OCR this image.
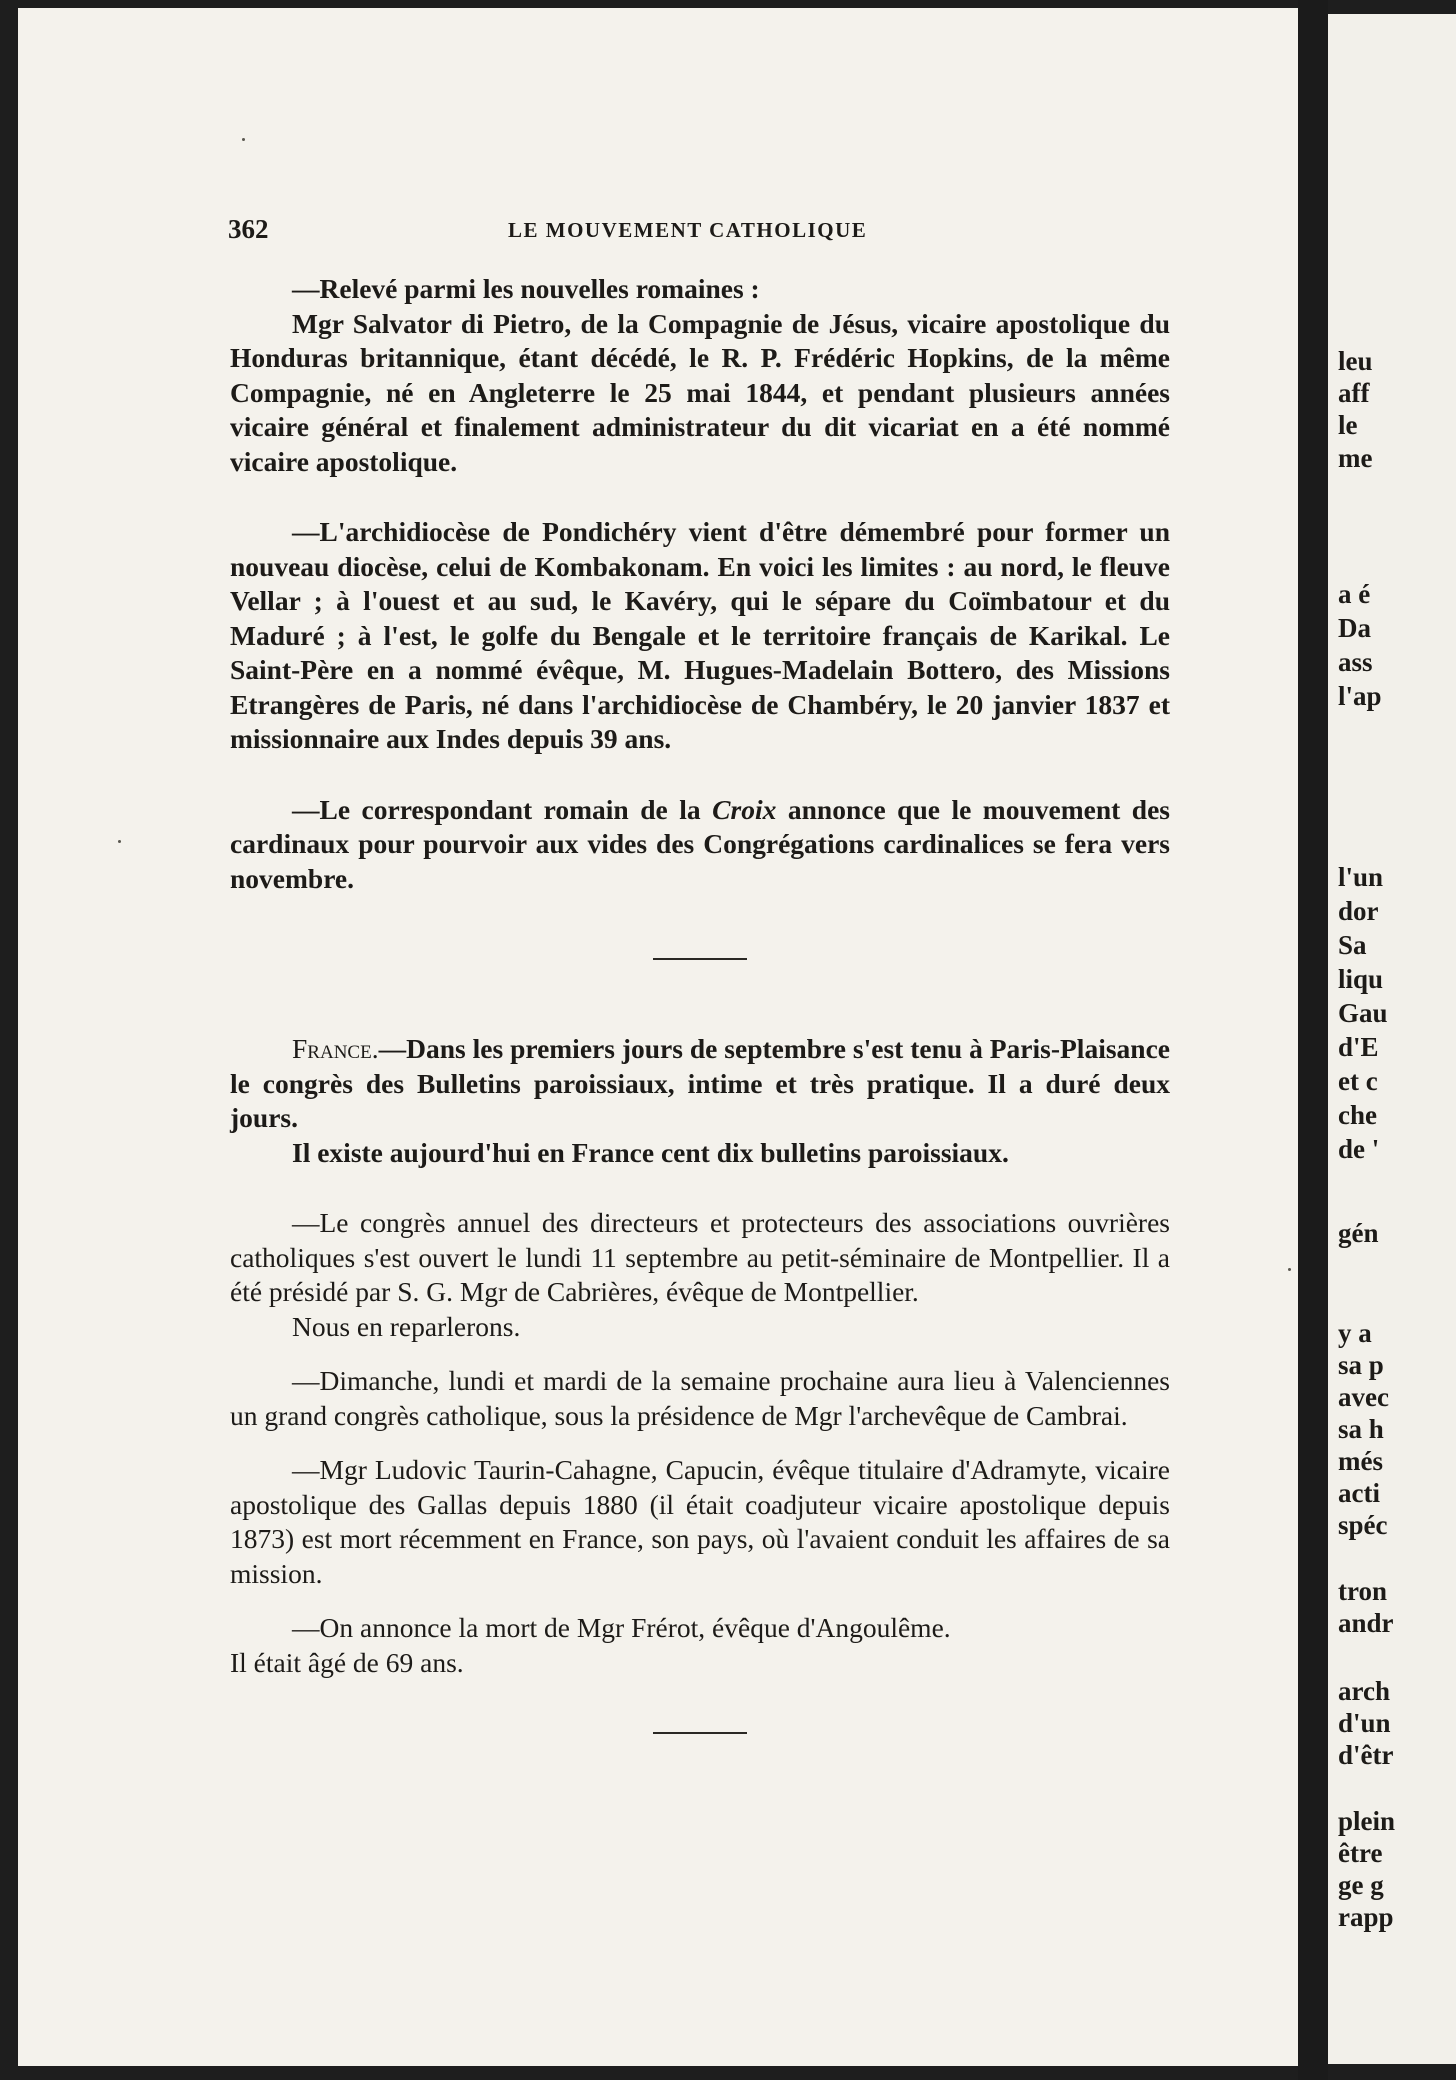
362	LE MOUVEMENT CATHOLIQUE

—Relevé parmi les nouvelles romaines :

Mgr Salvator di Pietro, de la Compagnie de Jésus, vicaire apostolique du Honduras britannique, étant décédé, le R. P. Frédéric Hopkins, de la même Compagnie, né en Angleterre le 25 mai 1844, et pendant plusieurs années vicaire général et finalement administrateur du dit vicariat en a été nommé vicaire apostolique.

—L'archidiocèse de Pondichéry vient d'être démembré pour former un nouveau diocèse, celui de Kombakonam. En voici les limites : au nord, le fleuve Vellar ; à l'ouest et au sud, le Kavéry, qui le sépare du Coïmbatour et du Maduré ; à l'est, le golfe du Bengale et le territoire français de Karikal. Le Saint-Père en a nommé évêque, M. Hugues-Madelain Bottero, des Missions Etrangères de Paris, né dans l'archidiocèse de Chambéry, le 20 janvier 1837 et missionnaire aux Indes depuis 39 ans.

—Le correspondant romain de la Croix annonce que le mouvement des cardinaux pour pourvoir aux vides des Congrégations cardinalices se fera vers novembre.

France.—Dans les premiers jours de septembre s'est tenu à Paris-Plaisance le congrès des Bulletins paroissiaux, intime et très pratique. Il a duré deux jours.

Il existe aujourd'hui en France cent dix bulletins paroissiaux.

—Le congrès annuel des directeurs et protecteurs des associations ouvrières catholiques s'est ouvert le lundi 11 septembre au petit-séminaire de Montpellier. Il a été présidé par S. G. Mgr de Cabrières, évêque de Montpellier.

Nous en reparlerons.

—Dimanche, lundi et mardi de la semaine prochaine aura lieu à Valenciennes un grand congrès catholique, sous la présidence de Mgr l'archevêque de Cambrai.

—Mgr Ludovic Taurin-Cahagne, Capucin, évêque titulaire d'Adramyte, vicaire apostolique des Gallas depuis 1880 (il était coadjuteur vicaire apostolique depuis 1873) est mort récemment en France, son pays, où l'avaient conduit les affaires de sa mission.

—On annonce la mort de Mgr Frérot, évêque d'Angoulême.

Il était âgé de 69 ans.

leu
aff
le
me
a é
Da
ass
l'ap
l'un
dor
Sa
liqu
Gau
d'E
et c
che
de '
gén
y a
sa p
avec
sa h
més
acti
spéc
tron
andr
arch
d'un
d'êtr
plein
être
ge g
rapp
